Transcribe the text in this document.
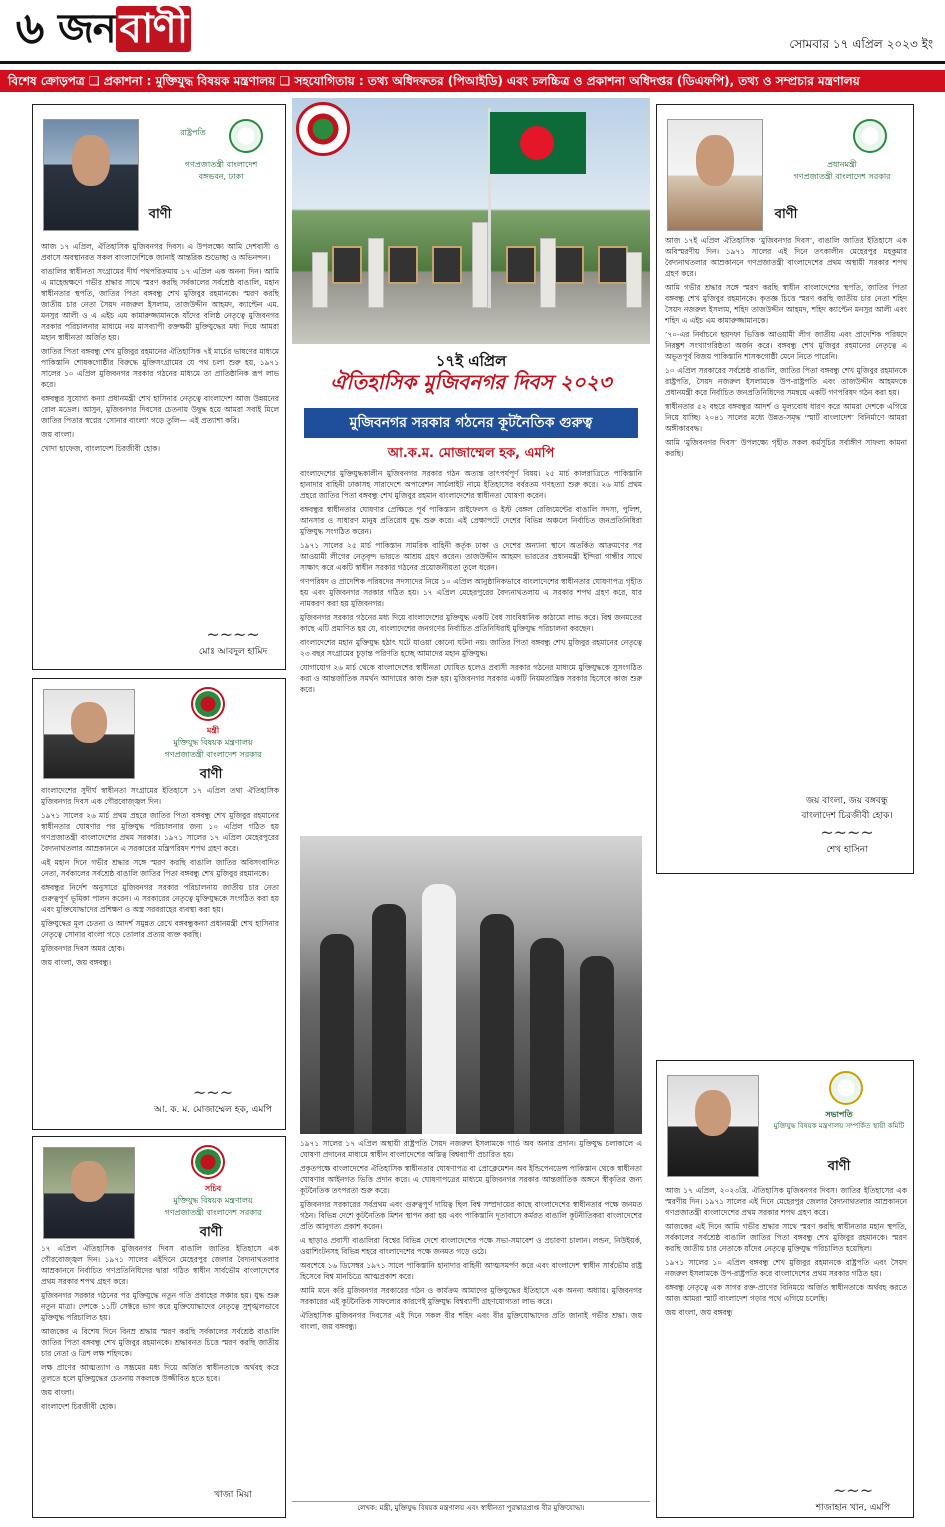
৬ জন বাণী	সোমবার ১৭ এপ্রিল ২০২৩ ইং
বিশেষ ক্রোড়পত্র ❑ প্রকাশনা : মুক্তিযুদ্ধ বিষয়ক মন্ত্রণালয় ❑ সহযোগিতায় : তথ্য অধিদফতর (পিআইডি) এবং চলচ্চিত্র ও প্রকাশনা অধিদপ্তর (ডিএফপি), তথ্য ও সম্প্রচার মন্ত্রণালয়
রাষ্ট্রপতি
গণপ্রজাতন্ত্রী বাংলাদেশ
বঙ্গভবন, ঢাকা
বাণী

আজ ১৭ এপ্রিল, ঐতিহাসিক মুজিবনগর দিবস। এ উপলক্ষ্যে আমি দেশবাসী ও প্রবাসে অবস্থানরত সকল বাংলাদেশিকে জানাই আন্তরিক শুভেচ্ছা ও অভিনন্দন।

বাঙালির স্বাধীনতা সংগ্রামের দীর্ঘ পথপরিক্রমায় ১৭ এপ্রিল এক অনন্য দিন। আমি এ মাহেন্দ্রক্ষণে গভীর শ্রদ্ধার সাথে স্মরণ করছি সর্বকালের সর্বশ্রেষ্ঠ বাঙালি, মহান স্বাধীনতার স্থপতি, জাতির পিতা বঙ্গবন্ধু শেখ মুজিবুর রহমানকে। স্মরণ করছি জাতীয় চার নেতা সৈয়দ নজরুল ইসলাম, তাজউদ্দীন আহমদ, ক্যাপ্টেন এম. মনসুর আলী ও এ এইচ এম কামারুজ্জামানকে যাঁদের বলিষ্ঠ নেতৃত্বে মুজিবনগর সরকার পরিচালনার মাধ্যমে নয় মাসব্যাপী রক্তক্ষয়ী মুক্তিযুদ্ধের মধ্য দিয়ে আমরা মহান স্বাধীনতা অর্জিত হয়।

জাতির পিতা বঙ্গবন্ধু শেখ মুজিবুর রহমানের ঐতিহাসিক ৭ই মার্চের ভাষণের মাধ্যমে পাকিস্তানি শোষকগোষ্ঠীর বিরুদ্ধে মুক্তিসংগ্রামের যে পথ চলা শুরু হয়, ১৯৭১ সালের ১০ এপ্রিল মুজিবনগর সরকার গঠনের মাধ্যমে তা প্রাতিষ্ঠানিক রূপ লাভ করে।

বঙ্গবন্ধুর সুযোগ্য কন্যা প্রধানমন্ত্রী শেখ হাসিনার নেতৃত্বে বাংলাদেশ আজ উন্নয়নের রোল মডেল। আসুন, মুজিবনগর দিবসের চেতনায় উদ্বুদ্ধ হয়ে আমরা সবাই মিলে জাতির পিতার স্বপ্নের ‘সোনার বাংলা’ গড়ে তুলি— এই প্রত্যাশা করি।

জয় বাংলা।

খোদা হাফেজ, বাংলাদেশ চিরজীবী হোক।

~~~~
মোঃ আবদুল হামিদ
প্রধানমন্ত্রী
গণপ্রজাতন্ত্রী বাংলাদেশ সরকার
বাণী

আজ ১৭ই এপ্রিল ঐতিহাসিক ‘মুজিবনগর দিবস’, বাঙালি জাতির ইতিহাসে এক অবিস্মরণীয় দিন। ১৯৭১ সালের এই দিনে তৎকালীন মেহেরপুর মহকুমার বৈদ্যনাথতলার আম্রকাননে গণপ্রজাতন্ত্রী বাংলাদেশের প্রথম অস্থায়ী সরকার শপথ গ্রহণ করে।

আমি গভীর শ্রদ্ধার সঙ্গে স্মরণ করছি স্বাধীন বাংলাদেশের স্থপতি, জাতির পিতা বঙ্গবন্ধু শেখ মুজিবুর রহমানকে। কৃতজ্ঞ চিত্তে স্মরণ করছি জাতীয় চার নেতা শহিদ সৈয়দ নজরুল ইসলাম, শহিদ তাজউদ্দীন আহমদ, শহিদ ক্যাপ্টেন মনসুর আলী এবং শহিদ এ এইচ এম কামারুজ্জামানকে।

’৭০-এর নির্বাচনে ছয়দফা ভিত্তিক আওয়ামী লীগ জাতীয় এবং প্রাদেশিক পরিষদে নিরঙ্কুশ সংখ্যাগরিষ্ঠতা অর্জন করে। বঙ্গবন্ধু শেখ মুজিবুর রহমানের নেতৃত্বে এ অভূতপূর্ব বিজয় পাকিস্তানি শাসকগোষ্ঠী মেনে নিতে পারেনি।

১০ এপ্রিল সরকারের সর্বশ্রেষ্ঠ বাঙালি, জাতির পিতা বঙ্গবন্ধু শেখ মুজিবুর রহমানকে রাষ্ট্রপতি, সৈয়দ নজরুল ইসলামকে উপ-রাষ্ট্রপতি এবং তাজউদ্দীন আহমদকে প্রধানমন্ত্রী করে নির্বাচিত জনপ্রতিনিধিদের সমন্বয়ে একটি গণপরিষদ গঠন করা হয়।

স্বাধীনতার ৫২ বছরে বঙ্গবন্ধুর আদর্শ ও মূল্যবোধ ধারণ করে আমরা দেশকে এগিয়ে নিয়ে যাচ্ছি। ২০৪১ সালের মধ্যে উন্নত-সমৃদ্ধ ‘স্মার্ট বাংলাদেশ’ বিনির্মাণে আমরা অঙ্গীকারবদ্ধ।

আমি ‘মুজিবনগর দিবস’ উপলক্ষ্যে গৃহীত সকল কর্মসূচির সর্বাঙ্গীণ সাফল্য কামনা করছি।

জয় বাংলা, জয় বঙ্গবন্ধু
বাংলাদেশ চিরজীবী হোক।
~~~~
শেখ হাসিনা
মন্ত্রী
মুক্তিযুদ্ধ বিষয়ক মন্ত্রণালয়
গণপ্রজাতন্ত্রী বাংলাদেশ সরকার
বাণী

বাংলাদেশের সুদীর্ঘ স্বাধীনতা সংগ্রামের ইতিহাসে ১৭ এপ্রিল তথা ঐতিহাসিক মুজিবনগর দিবস এক গৌরবোজ্জ্বল দিন।

১৯৭১ সালের ২৬ মার্চ প্রথম প্রহরে জাতির পিতা বঙ্গবন্ধু শেখ মুজিবুর রহমানের স্বাধীনতার ঘোষণার পর মুক্তিযুদ্ধ পরিচালনার জন্য ১০ এপ্রিল গঠিত হয় গণপ্রজাতন্ত্রী বাংলাদেশের প্রথম সরকার। ১৯৭১ সালের ১৭ এপ্রিল মেহেরপুরের বৈদ্যনাথতলার আম্রকাননে এ সরকারের মন্ত্রিপরিষদ শপথ গ্রহণ করে।

এই মহান দিনে গভীর শ্রদ্ধার সঙ্গে স্মরণ করছি বাঙালি জাতির অবিসংবাদিত নেতা, সর্বকালের সর্বশ্রেষ্ঠ বাঙালি জাতির পিতা বঙ্গবন্ধু শেখ মুজিবুর রহমানকে।

বঙ্গবন্ধুর নির্দেশ অনুসারে মুজিবনগর সরকার পরিচালনায় জাতীয় চার নেতা গুরুত্বপূর্ণ ভূমিকা পালন করেন। এ সরকারের নেতৃত্বে মুক্তিযুদ্ধকে সংগঠিত করা হয় এবং মুক্তিযোদ্ধাদের প্রশিক্ষণ ও অস্ত্র সরবরাহের ব্যবস্থা করা হয়।

মুক্তিযুদ্ধের মূল চেতনা ও আদর্শ সমুন্নত রেখে বঙ্গবন্ধুকন্যা প্রধানমন্ত্রী শেখ হাসিনার নেতৃত্বে সোনার বাংলা গড়ে তোলার প্রত্যয় ব্যক্ত করছি।

মুজিবনগর দিবস অমর হোক।

জয় বাংলা, জয় বঙ্গবন্ধু।

~~~
আ. ক. ম. মোজাম্মেল হক, এমপি
সচিব
মুক্তিযুদ্ধ বিষয়ক মন্ত্রণালয়
গণপ্রজাতন্ত্রী বাংলাদেশ সরকার
বাণী

১৭ এপ্রিল ঐতিহাসিক মুজিবনগর দিবস বাঙালি জাতির ইতিহাসে এক গৌরবোজ্জ্বল দিন। ১৯৭১ সালের এইদিনে মেহেরপুর জেলার বৈদ্যনাথতলার আম্রকাননে নির্বাচিত গণপ্রতিনিধিদের দ্বারা গঠিত স্বাধীন সার্বভৌম বাংলাদেশের প্রথম সরকার শপথ গ্রহণ করে।

মুজিবনগর সরকার গঠনের পর মুক্তিযুদ্ধে নতুন গতি প্রবাহের সঞ্চার হয়। যুদ্ধ শুরু নতুন মাত্রা। দেশকে ১১টি সেক্টরে ভাগ করে মুক্তিযোদ্ধাদের নেতৃত্বে সুশৃঙ্খলভাবে মুক্তিযুদ্ধ পরিচালিত হয়।

আজকের এ বিশেষ দিনে বিনম্র শ্রদ্ধায় স্মরণ করছি সর্বকালের সর্বশ্রেষ্ঠ বাঙালি জাতির পিতা বঙ্গবন্ধু শেখ মুজিবুর রহমানকে। শ্রদ্ধাবনত চিত্তে স্মরণ করছি জাতীয় চার নেতা ও ত্রিশ লক্ষ শহিদকে।

লক্ষ প্রাণের আত্মত্যাগ ও সম্ভ্রমের মধ্য দিয়ে অর্জিত স্বাধীনতাকে অর্থবহ করে তুলতে হলে মুক্তিযুদ্ধের চেতনায় সকলকে উজ্জীবিত হতে হবে।

জয় বাংলা।

বাংলাদেশ চিরজীবী হোক।

খাজা মিয়া
সভাপতি
মুক্তিযুদ্ধ বিষয়ক মন্ত্রণালয় সম্পর্কিত স্থায়ী কমিটি
বাণী

আজ ১৭ এপ্রিল, ২০২৩খ্রি. ঐতিহাসিক মুজিবনগর দিবস। জাতির ইতিহাসের এক স্মরণীয় দিন। ১৯৭১ সালের এই দিনে মেহেরপুর জেলার বৈদ্যনাথতলার আম্রকাননে গণপ্রজাতন্ত্রী বাংলাদেশের প্রথম সরকার শপথ গ্রহণ করে।

আজকের এই দিনে আমি গভীর শ্রদ্ধার সাথে স্মরণ করছি স্বাধীনতার মহান স্থপতি, সর্বকালের সর্বশ্রেষ্ঠ বাঙালি জাতির পিতা বঙ্গবন্ধু শেখ মুজিবুর রহমানকে। স্মরণ করছি জাতীয় চার নেতাকে যাঁদের নেতৃত্বে মুক্তিযুদ্ধ পরিচালিত হয়েছিল।

১৯৭১ সালের ১০ এপ্রিল বঙ্গবন্ধু শেখ মুজিবুর রহমানকে রাষ্ট্রপতি এবং সৈয়দ নজরুল ইসলামকে উপ-রাষ্ট্রপতি করে বাংলাদেশের প্রথম সরকার গঠিত হয়।

বঙ্গবন্ধু নেতৃত্বে এক সাগর রক্ত-প্রাণের বিনিময়ে অর্জিত স্বাধীনতাকে অর্থবহ করতে আজ আমরা স্মার্ট বাংলাদেশ গড়ার পথে এগিয়ে চলেছি।

জয় বাংলা, জয় বঙ্গবন্ধু

~~~
শাজাহান খান, এমপি
১৭ই এপ্রিল
ঐতিহাসিক মুজিবনগর দিবস ২০২৩
মুজিবনগর সরকার গঠনের কূটনৈতিক গুরুত্ব
আ.ক.ম. মোজাম্মেল হক, এমপি

বাংলাদেশের মুক্তিযুদ্ধকালীন মুজিবনগর সরকার গঠন অত্যন্ত তাৎপর্যপূর্ণ বিষয়। ২৫ মার্চ কালরাত্রিতে পাকিস্তানি হানাদার বাহিনী ঢাকাসহ সারাদেশে অপারেশন সার্চলাইট নামে ইতিহাসের বর্বরতম গণহত্যা শুরু করে। ২৬ মার্চ প্রথম প্রহরে জাতির পিতা বঙ্গবন্ধু শেখ মুজিবুর রহমান বাংলাদেশের স্বাধীনতা ঘোষণা করেন।

বঙ্গবন্ধুর স্বাধীনতার ঘোষণার প্রেক্ষিতে পূর্ব পাকিস্তান রাইফেলস ও ইস্ট বেঙ্গল রেজিমেন্টের বাঙালি সদস্য, পুলিশ, আনসার ও সাধারণ মানুষ প্রতিরোধ যুদ্ধ শুরু করে। এই প্রেক্ষাপটে দেশের বিভিন্ন অঞ্চলে নির্বাচিত জনপ্রতিনিধিরা মুক্তিযুদ্ধ সংগঠিত করেন।

১৯৭১ সালের ২৫ মার্চ পাকিস্তান সামরিক বাহিনী কর্তৃক ঢাকা ও দেশের অন্যান্য স্থানে অতর্কিত আক্রমণের পর আওয়ামী লীগের নেতৃবৃন্দ ভারতে আশ্রয় গ্রহণ করেন। তাজউদ্দীন আহমদ ভারতের প্রধানমন্ত্রী ইন্দিরা গান্ধীর সাথে সাক্ষাৎ করে একটি স্বাধীন সরকার গঠনের প্রয়োজনীয়তা তুলে ধরেন।

গণপরিষদ ও প্রাদেশিক পরিষদের সদস্যদের নিয়ে ১০ এপ্রিল আনুষ্ঠানিকভাবে বাংলাদেশের স্বাধীনতার ঘোষণাপত্র গৃহীত হয় এবং মুজিবনগর সরকার গঠিত হয়। ১৭ এপ্রিল মেহেরপুরের বৈদ্যনাথতলায় এ সরকার শপথ গ্রহণ করে, যার নামকরণ করা হয় মুজিবনগর।

মুজিবনগর সরকার গঠনের মধ্য দিয়ে বাংলাদেশের মুক্তিযুদ্ধ একটি বৈধ সাংবিধানিক কাঠামো লাভ করে। বিশ্ব জনমতের কাছে এটি প্রমাণিত হয় যে, বাংলাদেশের জনগণের নির্বাচিত প্রতিনিধিরাই মুক্তিযুদ্ধ পরিচালনা করছেন।

বাংলাদেশের মহান মুক্তিযুদ্ধ হঠাৎ ঘটে যাওয়া কোনো ঘটনা নয়। জাতির পিতা বঙ্গবন্ধু শেখ মুজিবুর রহমানের নেতৃত্বে ২৩ বছর সংগ্রামের চূড়ান্ত পরিণতি হচ্ছে আমাদের মহান মুক্তিযুদ্ধ।

যোগাযোগ ২৬ মার্চ থেকে বাংলাদেশের স্বাধীনতা ঘোষিত হলেও প্রবাসী সরকার গঠনের মাধ্যমে মুক্তিযুদ্ধকে সুসংগঠিত করা ও আন্তর্জাতিক সমর্থন আদায়ের কাজ শুরু হয়। মুজিবনগর সরকার একটি নিয়মতান্ত্রিক সরকার হিসেবে কাজ শুরু করে।

১৯৭১ সালের ১৭ এপ্রিল অস্থায়ী রাষ্ট্রপতি সৈয়দ নজরুল ইসলামকে গার্ড অব অনার প্রদান। মুক্তিযুদ্ধ চলাকালে এ ঘোষণা প্রদানের মাধ্যমে স্বাধীন বাংলাদেশের অস্তিত্ব বিশ্বব্যাপী প্রচারিত হয়।

প্রকৃতপক্ষে বাংলাদেশের ঐতিহাসিক স্বাধীনতার ঘোষণাপত্র বা প্রোক্লেমেশন অব ইন্ডিপেনডেন্স পাকিস্তান থেকে স্বাধীনতা ঘোষণার আইনগত ভিত্তি প্রদান করে। এ ঘোষণাপত্রের মাধ্যমে মুজিবনগর সরকার আন্তর্জাতিক অঙ্গনে স্বীকৃতির জন্য কূটনৈতিক তৎপরতা শুরু করে।

মুজিবনগর সরকারের সর্বপ্রথম এবং গুরুত্বপূর্ণ দায়িত্ব ছিল বিশ্ব সম্প্রদায়ের কাছে বাংলাদেশের স্বাধীনতার পক্ষে জনমত গঠন। বিভিন্ন দেশে কূটনৈতিক মিশন স্থাপন করা হয় এবং পাকিস্তানি দূতাবাসে কর্মরত বাঙালি কূটনীতিকরা বাংলাদেশের প্রতি আনুগত্য প্রকাশ করেন।

এ ছাড়াও প্রবাসী বাঙালিরা বিশ্বের বিভিন্ন দেশে বাংলাদেশের পক্ষে সভা-সমাবেশ ও প্রচারণা চালান। লন্ডন, নিউইয়র্ক, ওয়াশিংটনসহ বিভিন্ন শহরে বাংলাদেশের পক্ষে জনমত গড়ে ওঠে।

অবশেষে ১৬ ডিসেম্বর ১৯৭১ সালে পাকিস্তানি হানাদার বাহিনী আত্মসমর্পণ করে এবং বাংলাদেশ স্বাধীন সার্বভৌম রাষ্ট্র হিসেবে বিশ্ব মানচিত্রে আত্মপ্রকাশ করে।

আমি মনে করি মুজিবনগর সরকারের গঠন ও কার্যক্রম আমাদের মুক্তিযুদ্ধের ইতিহাসে এক অনন্য অধ্যায়। মুজিবনগর সরকারের এই কূটনৈতিক সাফল্যের কারণেই মুক্তিযুদ্ধ বিশ্বব্যাপী গ্রহণযোগ্যতা লাভ করে।

ঐতিহাসিক মুজিবনগর দিবসের এই দিনে সকল বীর শহিদ এবং বীর মুক্তিযোদ্ধাদের প্রতি জানাই গভীর শ্রদ্ধা। জয় বাংলা, জয় বঙ্গবন্ধু।

লেখক: মন্ত্রী, মুক্তিযুদ্ধ বিষয়ক মন্ত্রণালয় এবং স্বাধীনতা পুরস্কারপ্রাপ্ত বীর মুক্তিযোদ্ধা।
